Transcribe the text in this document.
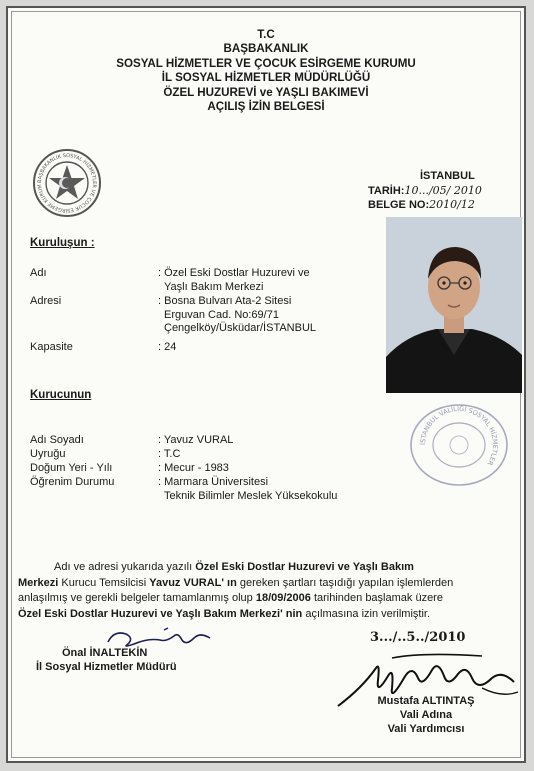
T.C
BAŞBAKANLIK
SOSYAL HİZMETLER VE ÇOCUK ESİRGEME KURUMU
İL SOSYAL HİZMETLER MÜDÜRLÜĞÜ
ÖZEL HUZUREVİ ve YAŞLI BAKIMEVİ
AÇILIŞ İZİN BELGESİ
BAŞBAKANLIK SOSYAL HİZMETLER VE ÇOCUK ESİRGEME KURUM
İSTANBUL
TARİH:10.../05/ 2010
BELGE NO:2010/12
Kuruluşun :
Adı	: Özel Eski Dostlar Huzurevi ve
Yaşlı Bakım Merkezi
Adresi	: Bosna Bulvarı Ata-2 Sitesi
Erguvan Cad. No:69/71
Çengelköy/Üsküdar/İSTANBUL
Kapasite	: 24
İSTANBUL VALİLİĞİ SOSYAL HİZMETLER
Kurucunun
Adı Soyadı	: Yavuz VURAL
Uyruğu	: T.C
Doğum Yeri - Yılı	: Mecur - 1983
Öğrenim Durumu	: Marmara Üniversitesi
Teknik Bilimler Meslek Yüksekokulu
Adı ve adresi yukarıda yazılı Özel Eski Dostlar Huzurevi ve Yaşlı Bakım
Merkezi Kurucu Temsilcisi Yavuz VURAL' ın gereken şartları taşıdığı yapılan işlemlerden
anlaşılmış ve gerekli belgeler tamamlanmış olup 18/09/2006 tarihinden başlamak üzere
Özel Eski Dostlar Huzurevi ve Yaşlı Bakım Merkezi' nin açılmasına izin verilmiştir.
Önal İNALTEKİN
İl Sosyal Hizmetler Müdürü
3.../..5../2010
Mustafa ALTINTAŞ
Vali Adına
Vali Yardımcısı
